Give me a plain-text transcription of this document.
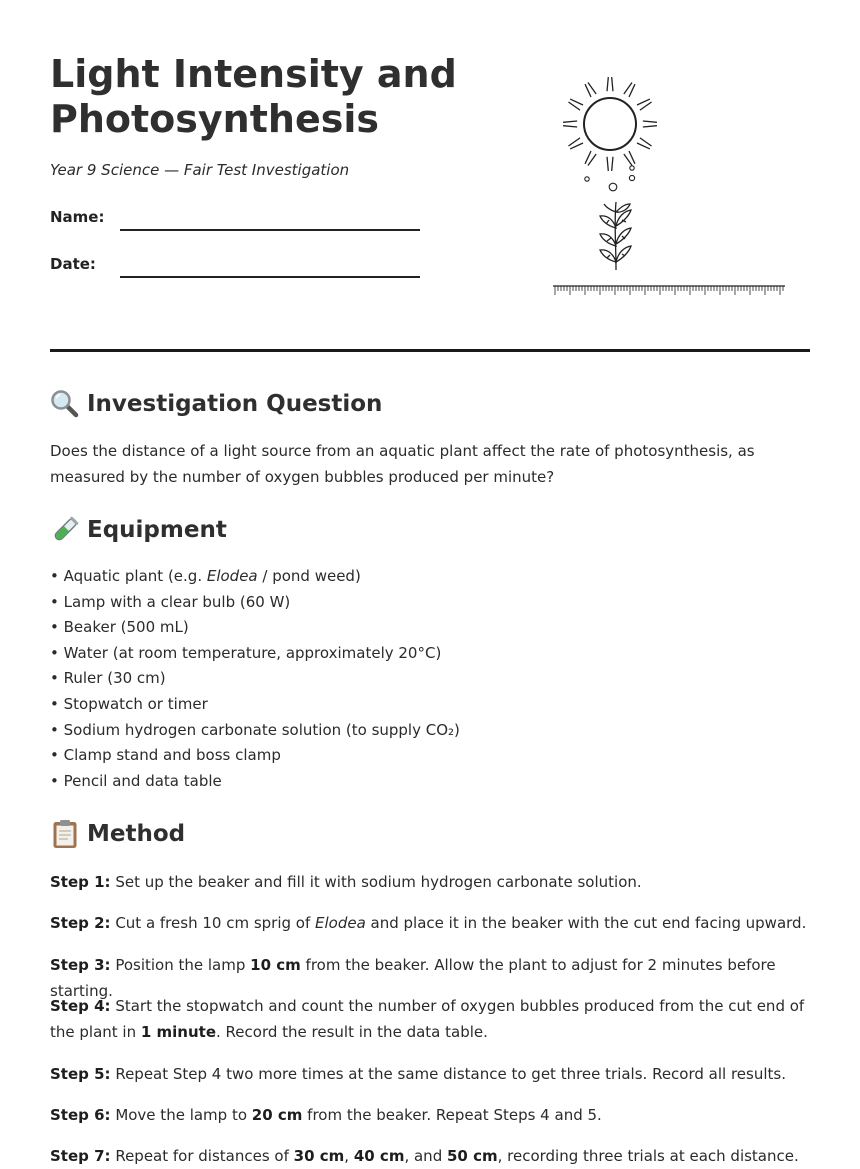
Light Intensity and
Photosynthesis

Year 9 Science — Fair Test Investigation

Name:
Date:
Investigation Question

Does the distance of a light source from an aquatic plant affect the rate of photosynthesis, as measured by the number of oxygen bubbles produced per minute?

Equipment
• Aquatic plant (e.g. Elodea / pond weed)
• Lamp with a clear bulb (60 W)
• Beaker (500 mL)
• Water (at room temperature, approximately 20°C)
• Ruler (30 cm)
• Stopwatch or timer
• Sodium hydrogen carbonate solution (to supply CO₂)
• Clamp stand and boss clamp
• Pencil and data table
Method

Step 1: Set up the beaker and fill it with sodium hydrogen carbonate solution.

Step 2: Cut a fresh 10 cm sprig of Elodea and place it in the beaker with the cut end facing upward.

Step 3: Position the lamp 10 cm from the beaker. Allow the plant to adjust for 2 minutes before starting.

Step 4: Start the stopwatch and count the number of oxygen bubbles produced from the cut end of the plant in 1 minute. Record the result in the data table.

Step 5: Repeat Step 4 two more times at the same distance to get three trials. Record all results.

Step 6: Move the lamp to 20 cm from the beaker. Repeat Steps 4 and 5.

Step 7: Repeat for distances of 30 cm, 40 cm, and 50 cm, recording three trials at each distance.
